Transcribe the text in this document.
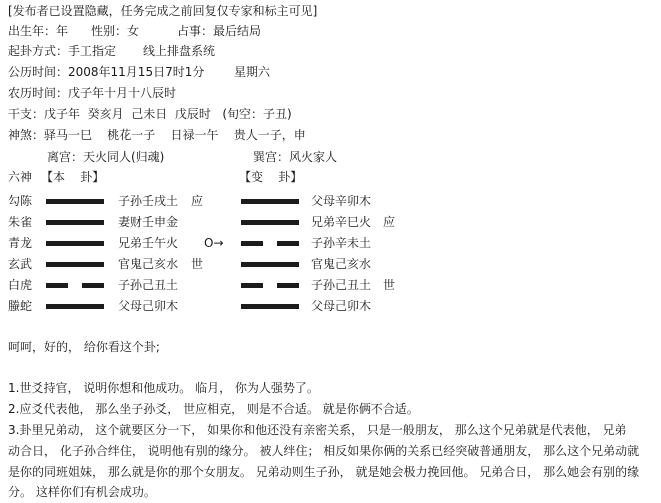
[发布者已设置隐藏，任务完成之前回复仅专家和标主可见]
出生年：年 性别：女	占事：最后结局
起卦方式：手工指定 线上排盘系统
公历时间：2008年11月15日7时1分 星期六
农历时间：戊子年十月十八辰时
干支：戊子年  癸亥月  己未日  戊辰时   (旬空：子丑)
神煞：驿马一巳    桃花一子    日禄一午    贵人一子，申
离宫：天火同人(归魂)	巽宫：风火家人
六神 【本    卦】	【变    卦】
勾陈	子孙壬戌土 应	父母辛卯木
朱雀	妻财壬申金	兄弟辛巳火 应
青龙	兄弟壬午火 O→	子孙辛未土
玄武	官鬼己亥水 世	官鬼己亥水
白虎	子孙己丑土	子孙己丑土 世
螣蛇	父母己卯木	父母己卯木
呵呵，好的， 给你看这个卦;
1.世爻持官， 说明你想和他成功。 临月， 你为人强势了。
2.应爻代表他， 那么坐子孙爻， 世应相克， 则是不合适。 就是你俩不合适。
3.卦里兄弟动， 这个就要区分一下， 如果你和他还没有亲密关系， 只是一般朋友， 那么这个兄弟就是代表他， 兄弟
动合日， 化子孙合绊住， 说明他有别的缘分。 被人绊住； 相反如果你俩的关系已经突破普通朋友， 那么这个兄弟动就
是你的同班姐妹， 那么就是你的那个女朋友。 兄弟动则生子孙， 就是她会极力挽回他。 兄弟合日， 那么她会有别的缘
分。 这样你们有机会成功。
